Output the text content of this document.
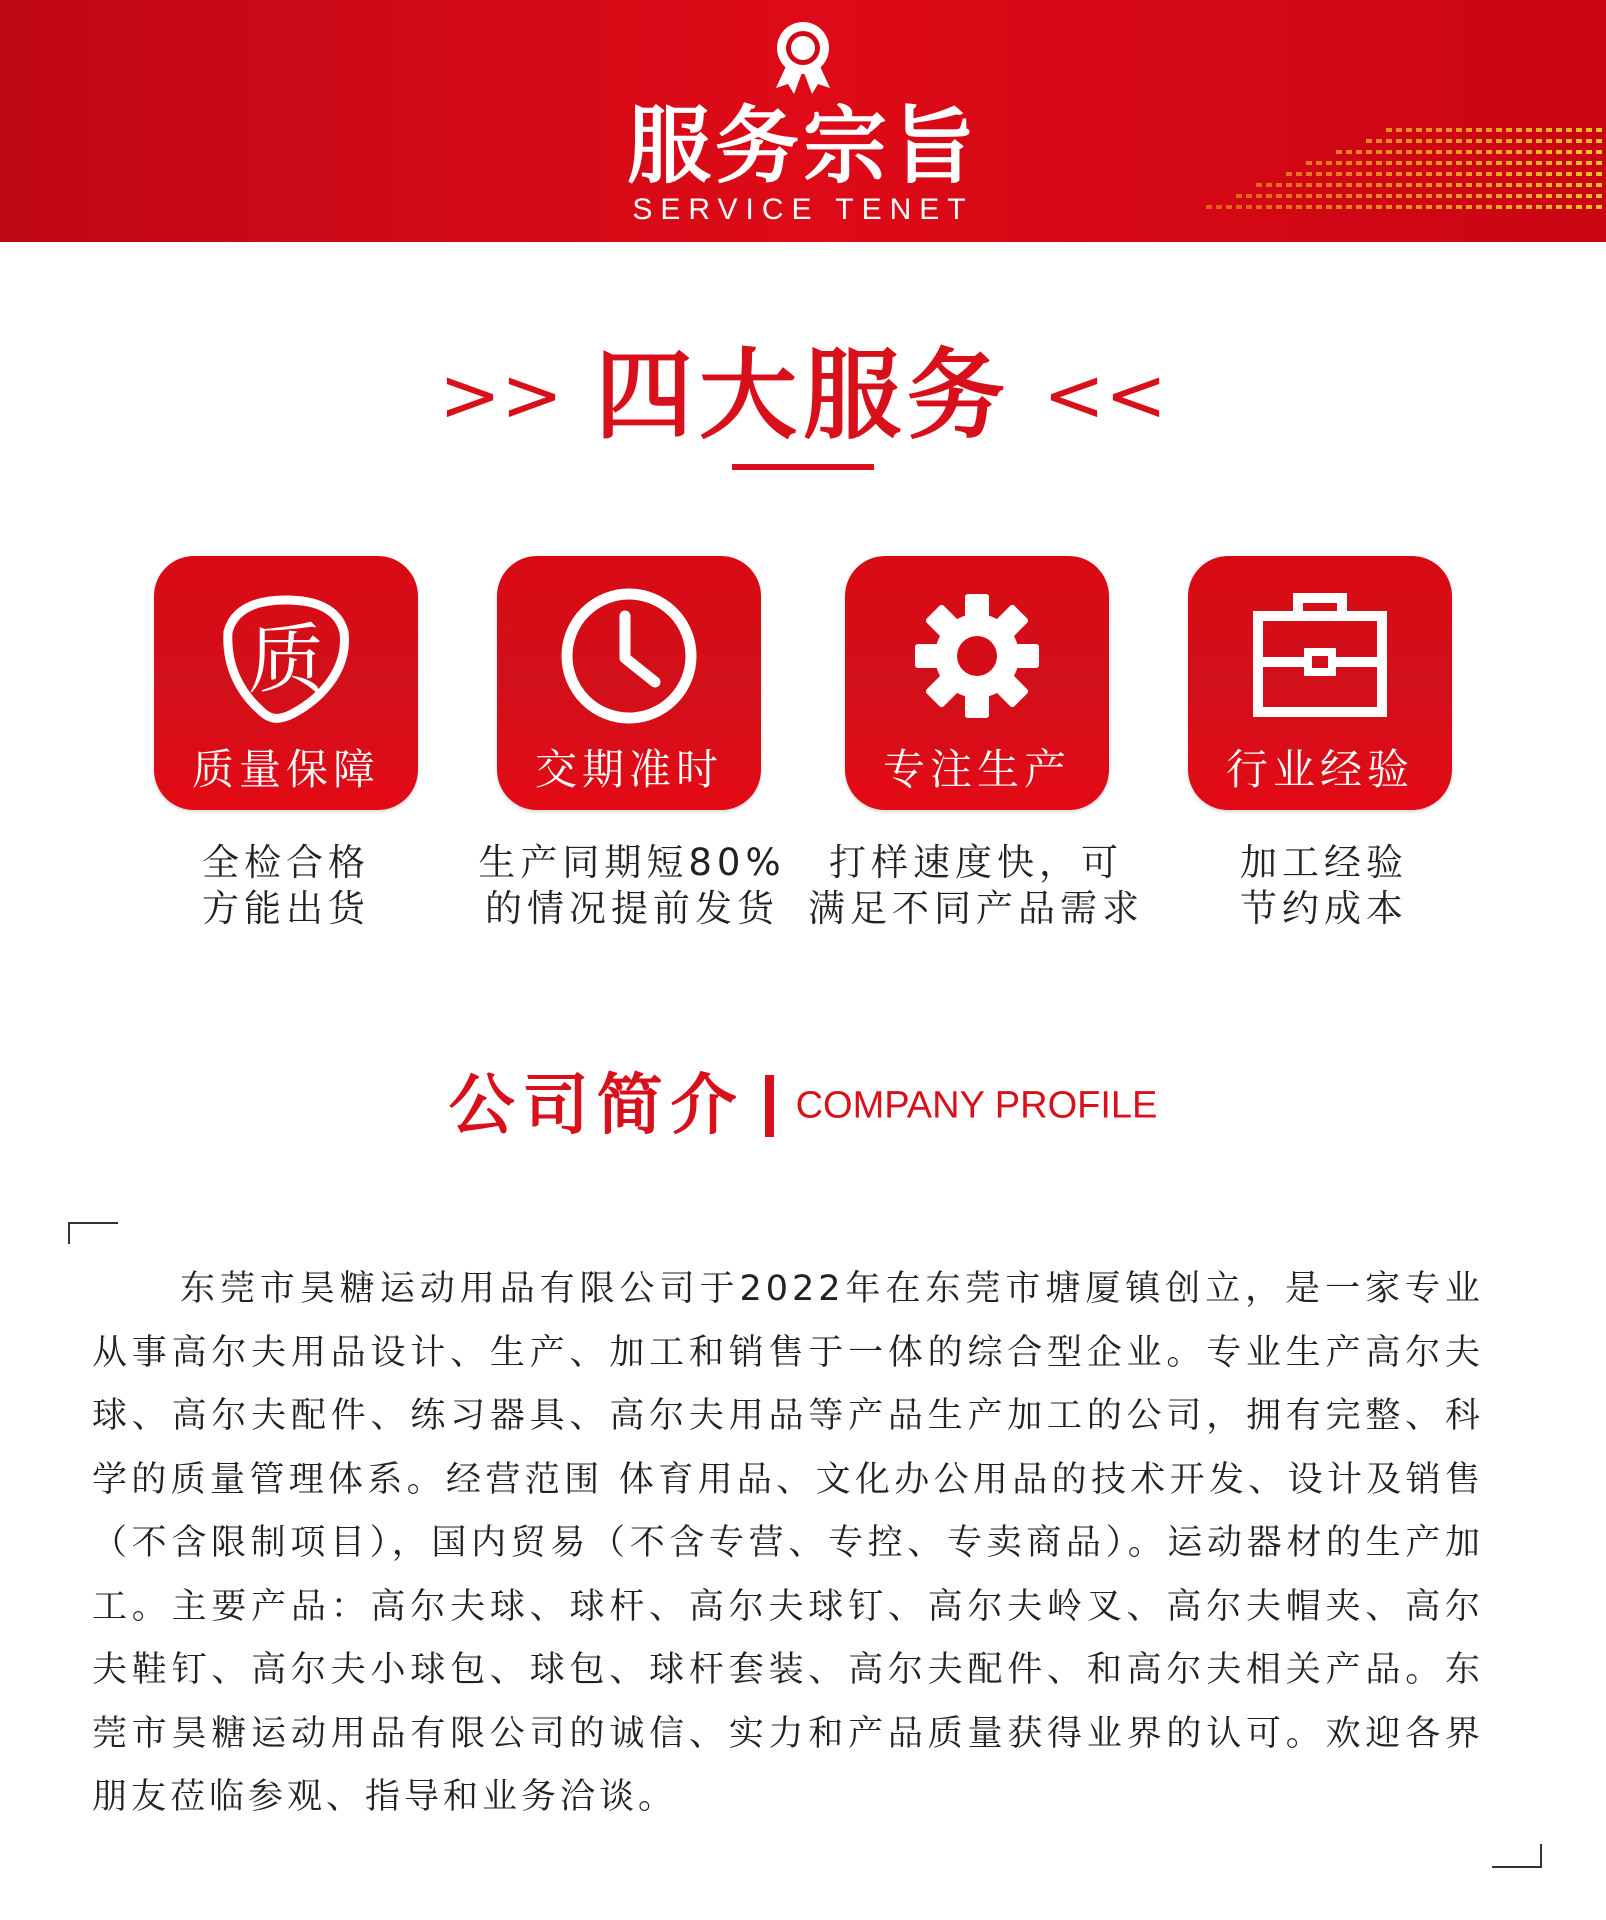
服务宗旨
SERVICE TENET
>> 四大服务 <<
质
质量保障	交期准时	专注生产	行业经验
全检合格
方能出货
生产同期短80%
的情况提前发货
打样速度快，可
满足不同产品需求
加工经验
节约成本
公司简介 COMPANY PROFILE

东莞市昊糖运动用品有限公司于2022年在东莞市塘厦镇创立，是一家专业从事高尔夫用品设计、生产、加工和销售于一体的综合型企业。专业生产高尔夫球、高尔夫配件、练习器具、高尔夫用品等产品生产加工的公司，拥有完整、科学的质量管理体系。经营范围 体育用品、文化办公用品的技术开发、设计及销售（不含限制项目），国内贸易（不含专营、专控、专卖商品）。运动器材的生产加工。主要产品：高尔夫球、球杆、高尔夫球钉、高尔夫岭叉、高尔夫帽夹、高尔夫鞋钉、高尔夫小球包、球包、球杆套装、高尔夫配件、和高尔夫相关产品。东莞市昊糖运动用品有限公司的诚信、实力和产品质量获得业界的认可。欢迎各界朋友莅临参观、指导和业务洽谈。
